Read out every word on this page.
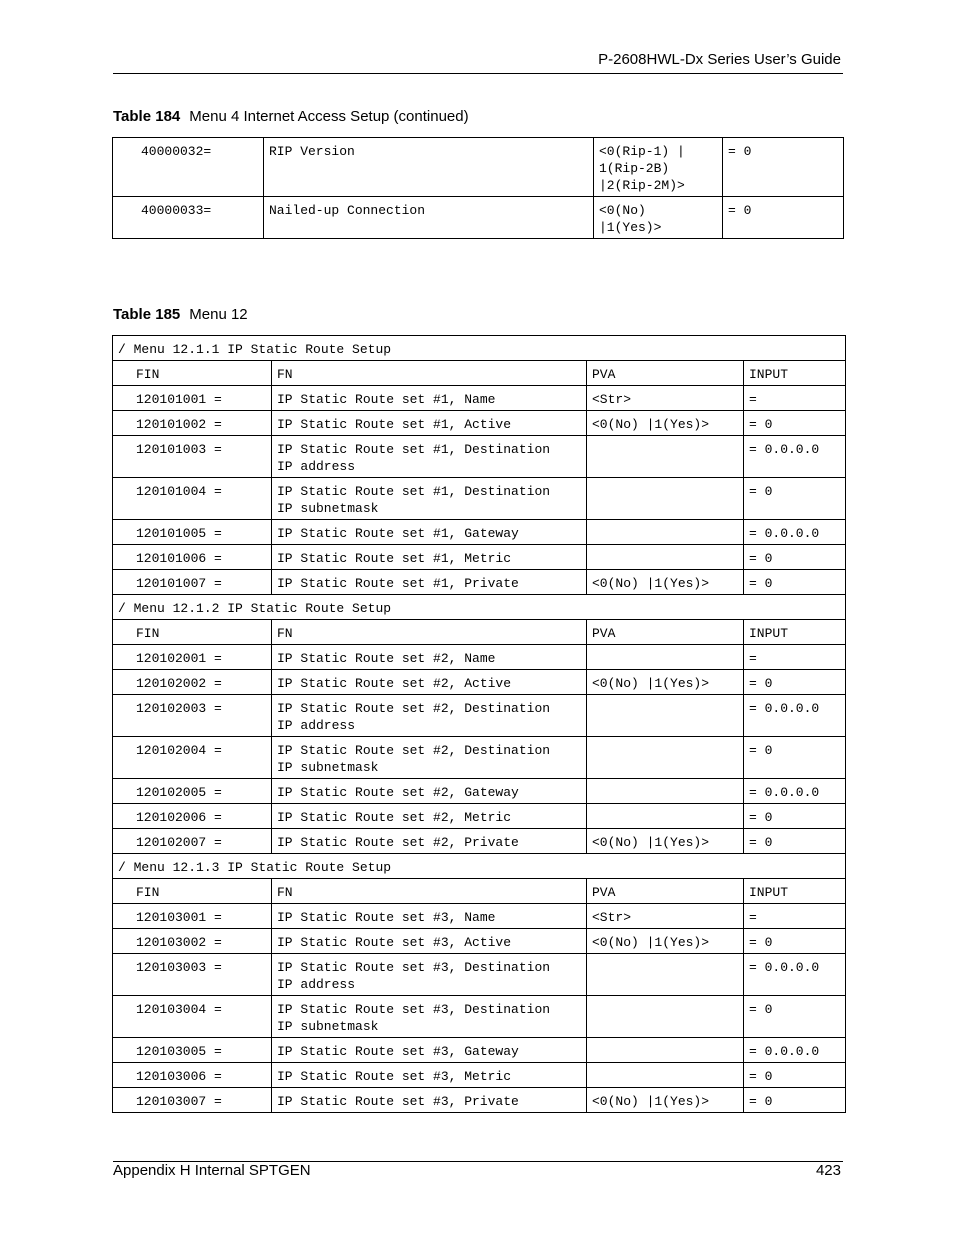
P-2608HWL-Dx Series User’s Guide
Table 184 Menu 4 Internet Access Setup (continued)
40000032=	RIP Version	<0(Rip-1) |
1(Rip-2B)
|2(Rip-2M)>	= 0
40000033=	Nailed-up Connection	<0(No)
|1(Yes)>	= 0
Table 185 Menu 12
/ Menu 12.1.1 IP Static Route Setup			
FIN	FN	PVA	INPUT
120101001 =	IP Static Route set #1, Name	<Str>	=
120101002 =	IP Static Route set #1, Active	<0(No) |1(Yes)>	= 0
120101003 =	IP Static Route set #1, Destination
IP address		= 0.0.0.0
120101004 =	IP Static Route set #1, Destination
IP subnetmask		= 0
120101005 =	IP Static Route set #1, Gateway		= 0.0.0.0
120101006 =	IP Static Route set #1, Metric		= 0
120101007 =	IP Static Route set #1, Private	<0(No) |1(Yes)>	= 0
/ Menu 12.1.2 IP Static Route Setup			
FIN	FN	PVA	INPUT
120102001 =	IP Static Route set #2, Name		=
120102002 =	IP Static Route set #2, Active	<0(No) |1(Yes)>	= 0
120102003 =	IP Static Route set #2, Destination
IP address		= 0.0.0.0
120102004 =	IP Static Route set #2, Destination
IP subnetmask		= 0
120102005 =	IP Static Route set #2, Gateway		= 0.0.0.0
120102006 =	IP Static Route set #2, Metric		= 0
120102007 =	IP Static Route set #2, Private	<0(No) |1(Yes)>	= 0
/ Menu 12.1.3 IP Static Route Setup			
FIN	FN	PVA	INPUT
120103001 =	IP Static Route set #3, Name	<Str>	=
120103002 =	IP Static Route set #3, Active	<0(No) |1(Yes)>	= 0
120103003 =	IP Static Route set #3, Destination
IP address		= 0.0.0.0
120103004 =	IP Static Route set #3, Destination
IP subnetmask		= 0
120103005 =	IP Static Route set #3, Gateway		= 0.0.0.0
120103006 =	IP Static Route set #3, Metric		= 0
120103007 =	IP Static Route set #3, Private	<0(No) |1(Yes)>	= 0
Appendix H Internal SPTGEN	423
